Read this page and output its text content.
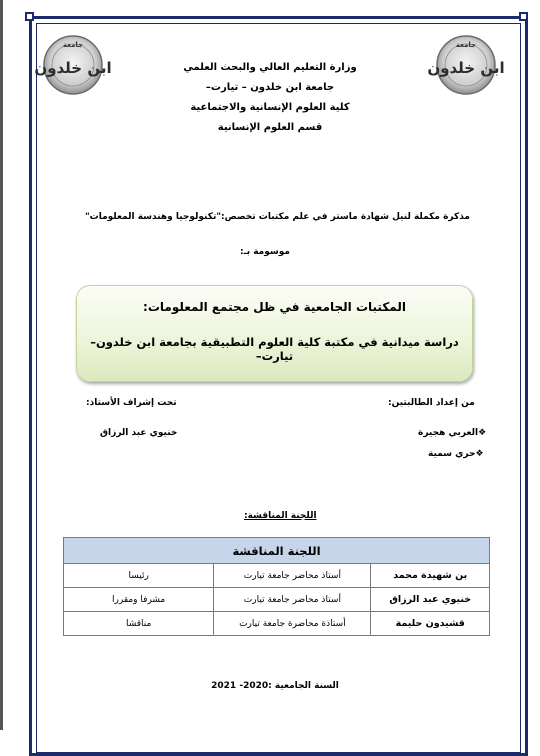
جامعة
ابن خلدون
جامعة
ابن خلدون
وزارة التعليم العالي والبحث العلمي
جامعة ابن خلدون – تيارت–
كلية العلوم الإنسانية والاجتماعية
قسم العلوم الإنسانية
مذكرة مكملة لنيل شهادة ماستر في علم مكتبات تخصص:"تكنولوجيا وهندسة المعلومات"
موسومة بـ:
المكتبات الجامعية في ظل مجتمع المعلومات:
دراسة ميدانية في مكتبة كلية العلوم التطبيقية بجامعة ابن خلدون– تيارت–
من إعداد الطالبتين:
تحت إشراف الأستاذ:
❖العربي هجيرة
❖حري سمية
خنيوي عبد الرزاق
اللجنة المناقشة:
اللجنة المناقشة		
بن شهيدة محمد	أستاذ محاضر جامعة تيارت	رئيسا
خنيوي عبد الرزاق	أستاذ محاضر جامعة تيارت	مشرفا ومقررا
قشيدون حليمة	أستاذة محاضرة جامعة تيارت	مناقشا
السنة الجامعية :2020- 2021
